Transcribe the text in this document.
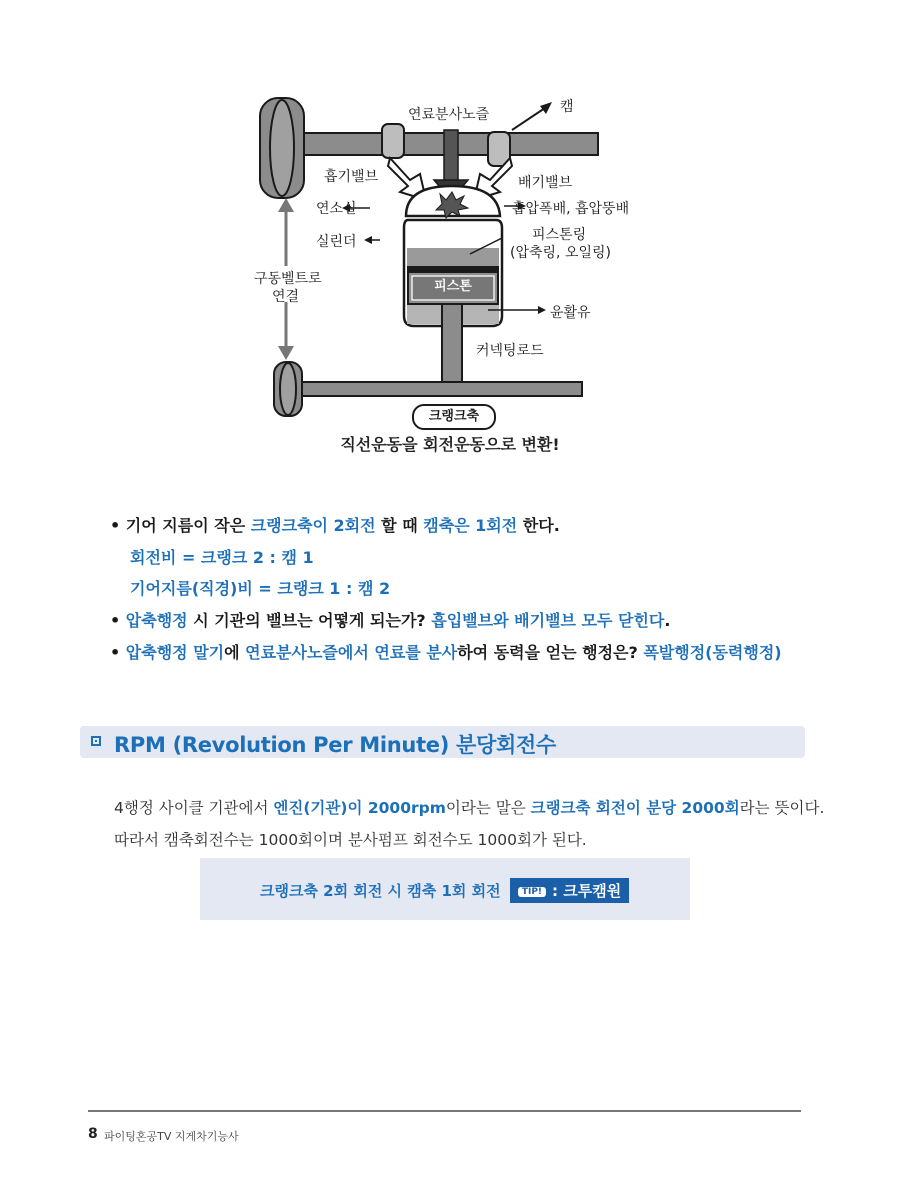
연료분사노즐	캠
흡기밸브	배기밸브
연소실	흡압폭배, 흡압뚱배
실린더	피스톤링
(압축링, 오일링)
구동벨트로
연결
피스톤
윤활유
커넥팅로드
크랭크축
직선운동을 회전운동으로 변환!
• 기어 지름이 작은 크랭크축이 2회전 할 때 캠축은 1회전 한다.
회전비 = 크랭크 2 : 캠 1
기어지름(직경)비 = 크랭크 1 : 캠 2
• 압축행정 시 기관의 밸브는 어떻게 되는가? 흡입밸브와 배기밸브 모두 닫힌다.
• 압축행정 말기에 연료분사노즐에서 연료를 분사하여 동력을 얻는 행정은? 폭발행정(동력행정)
RPM (Revolution Per Minute) 분당회전수
4행정 사이클 기관에서 엔진(기관)이 2000rpm이라는 말은 크랭크축 회전이 분당 2000회라는 뜻이다.
따라서 캠축회전수는 1000회이며 분사펌프 회전수도 1000회가 된다.
크랭크축 2회 회전 시 캠축 1회 회전 TIP! : 크투캠원
8 파이팅혼공TV 지게차기능사
